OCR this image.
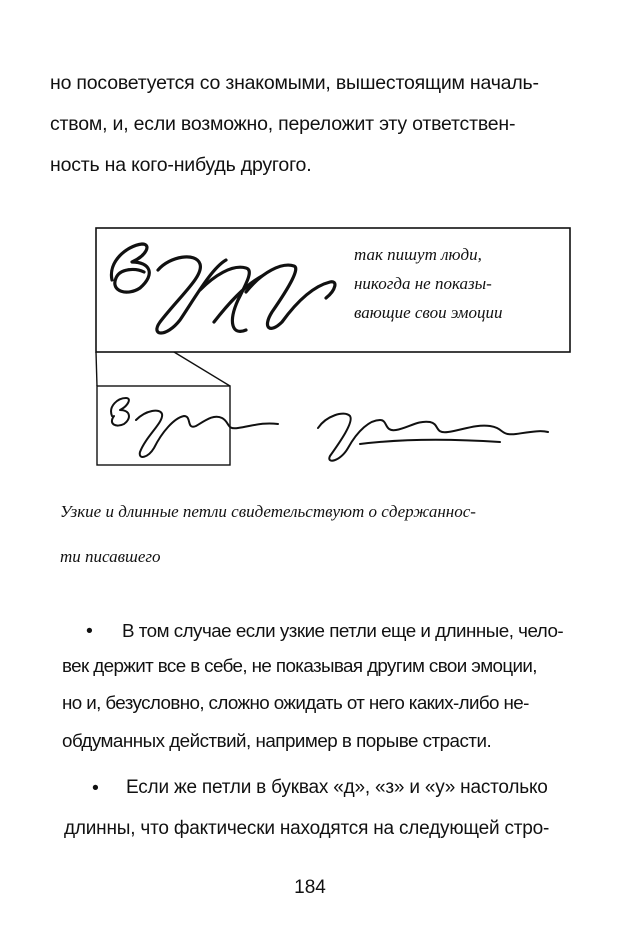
но посоветуется со знакомыми, вышестоящим началь-
ством, и, если возможно, переложит эту ответствен-
ность на кого-нибудь другого.
так пишут люди,
никогда не показы-
вающие свои эмоции
Узкие и длинные петли свидетельствуют о сдержаннос-
ти писавшего
• В том случае если узкие петли еще и длинные, чело-
век держит все в себе, не показывая другим свои эмоции,
но и, безусловно, сложно ожидать от него каких-либо не-
обдуманных действий, например в порыве страсти.
• Если же петли в буквах «д», «з» и «у» настолько
длинны, что фактически находятся на следующей стро-
184
